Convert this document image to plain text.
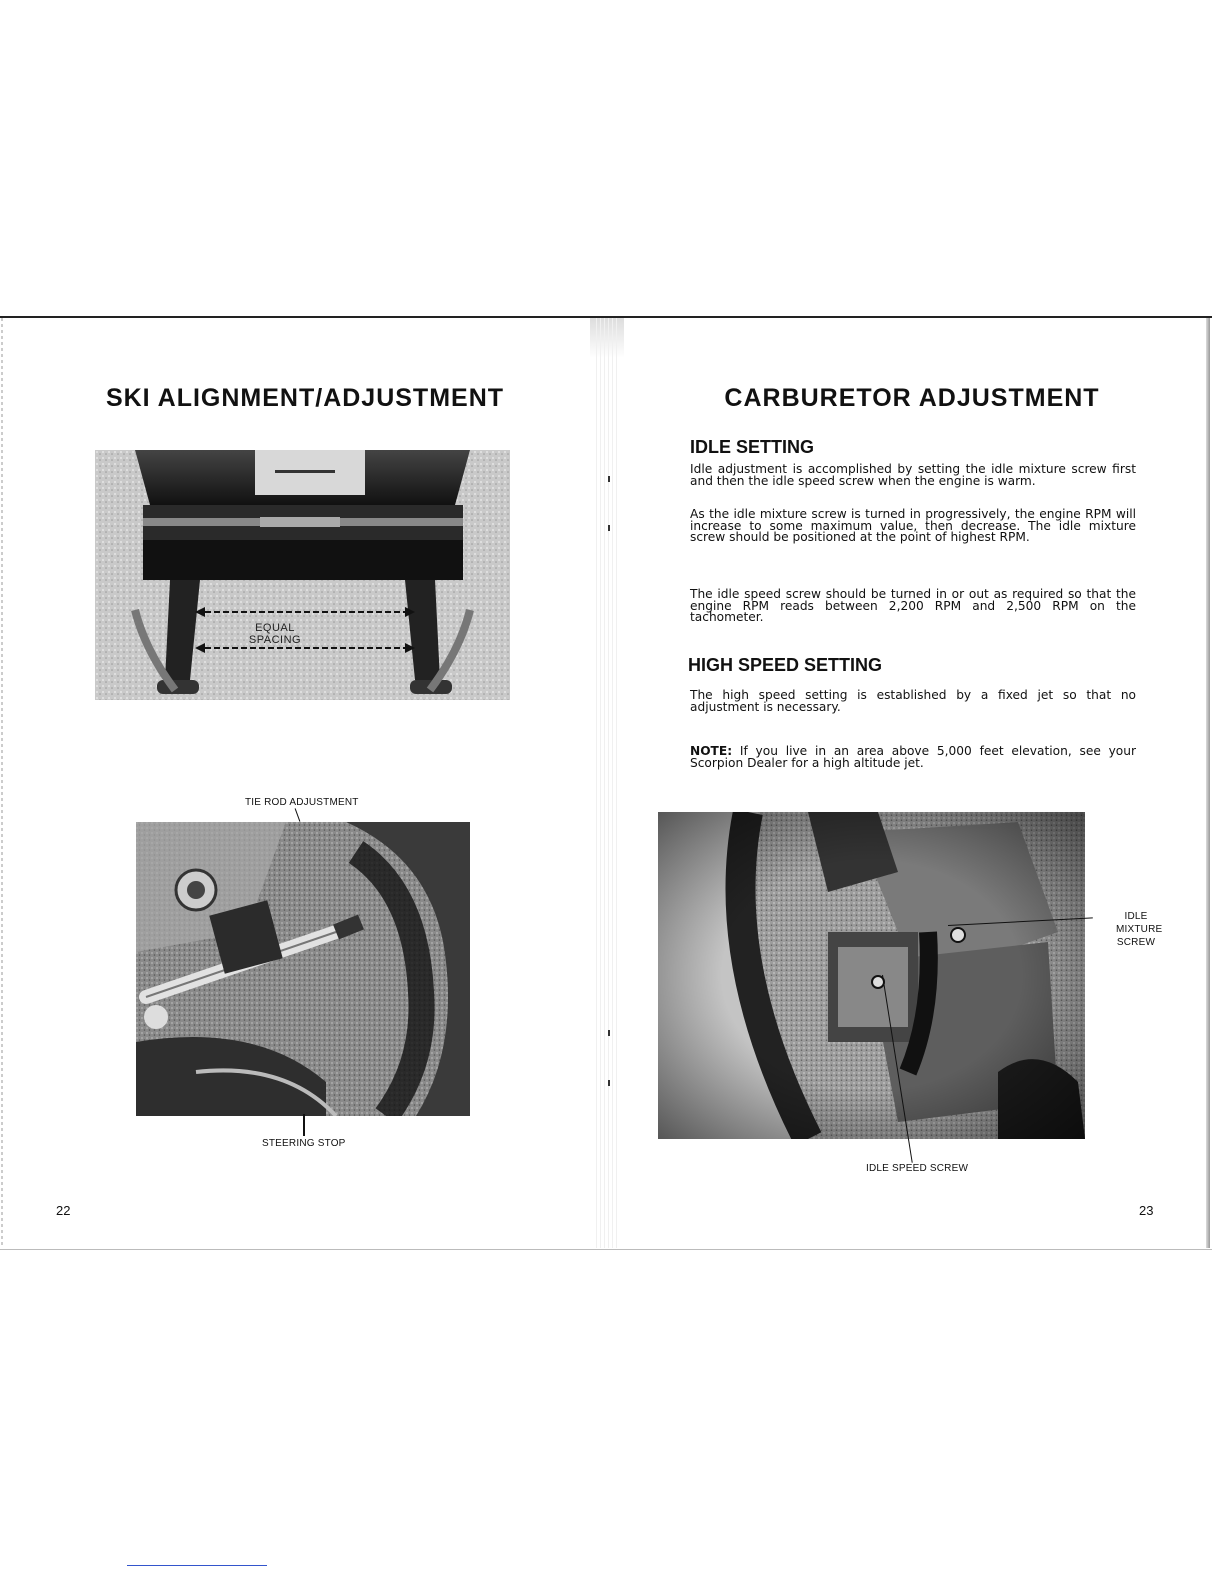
SKI ALIGNMENT/ADJUSTMENT
EQUAL
SPACING
TIE ROD ADJUSTMENT
STEERING STOP
22
CARBURETOR ADJUSTMENT
IDLE SETTING

Idle adjustment is accomplished by setting the idle mixture screw first and then the idle speed screw when the engine is warm.

As the idle mixture screw is turned in progressively, the engine RPM will increase to some maximum value, then decrease. The idle mixture screw should be positioned at the point of highest RPM.

The idle speed screw should be turned in or out as required so that the engine RPM reads between 2,200 RPM and 2,500 RPM on the tachometer.

HIGH SPEED SETTING

The high speed setting is established by a fixed jet so that no adjustment is necessary.

NOTE: If you live in an area above 5,000 feet elevation, see your Scorpion Dealer for a high altitude jet.

IDLE
MIXTURE
SCREW
IDLE SPEED SCREW
23
